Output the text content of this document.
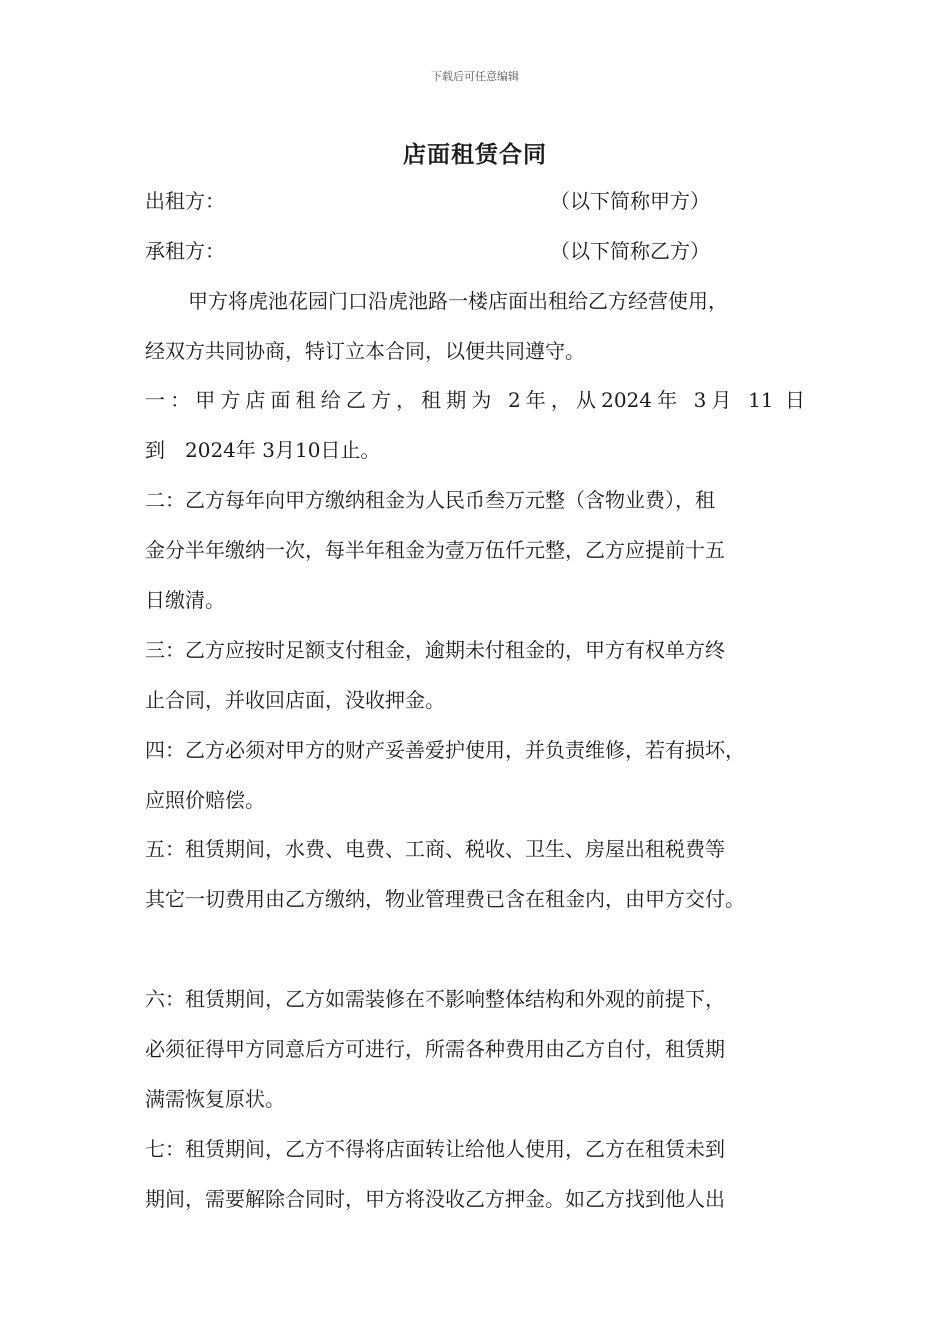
下载后可任意编辑
店面租赁合同
出租方：	（以下简称甲方）
承租方：	（以下简称乙方）
甲方将虎池花园门口沿虎池路一楼店面出租给乙方经营使用，
经双方共同协商，特订立本合同，以便共同遵守。
一：甲方店面租给乙方，租期为 2年，从2024年 3月 11 日
到　2024年 3月10日止。
二：乙方每年向甲方缴纳租金为人民币叁万元整（含物业费），租
金分半年缴纳一次，每半年租金为壹万伍仟元整，乙方应提前十五
日缴清。
三：乙方应按时足额支付租金，逾期未付租金的，甲方有权单方终
止合同，并收回店面，没收押金。
四：乙方必须对甲方的财产妥善爱护使用，并负责维修，若有损坏，
应照价赔偿。
五：租赁期间，水费、电费、工商、税收、卫生、房屋出租税费等
其它一切费用由乙方缴纳，物业管理费已含在租金内，由甲方交付。
六：租赁期间，乙方如需装修在不影响整体结构和外观的前提下，
必须征得甲方同意后方可进行，所需各种费用由乙方自付，租赁期
满需恢复原状。
七：租赁期间，乙方不得将店面转让给他人使用，乙方在租赁未到
期间，需要解除合同时，甲方将没收乙方押金。如乙方找到他人出
